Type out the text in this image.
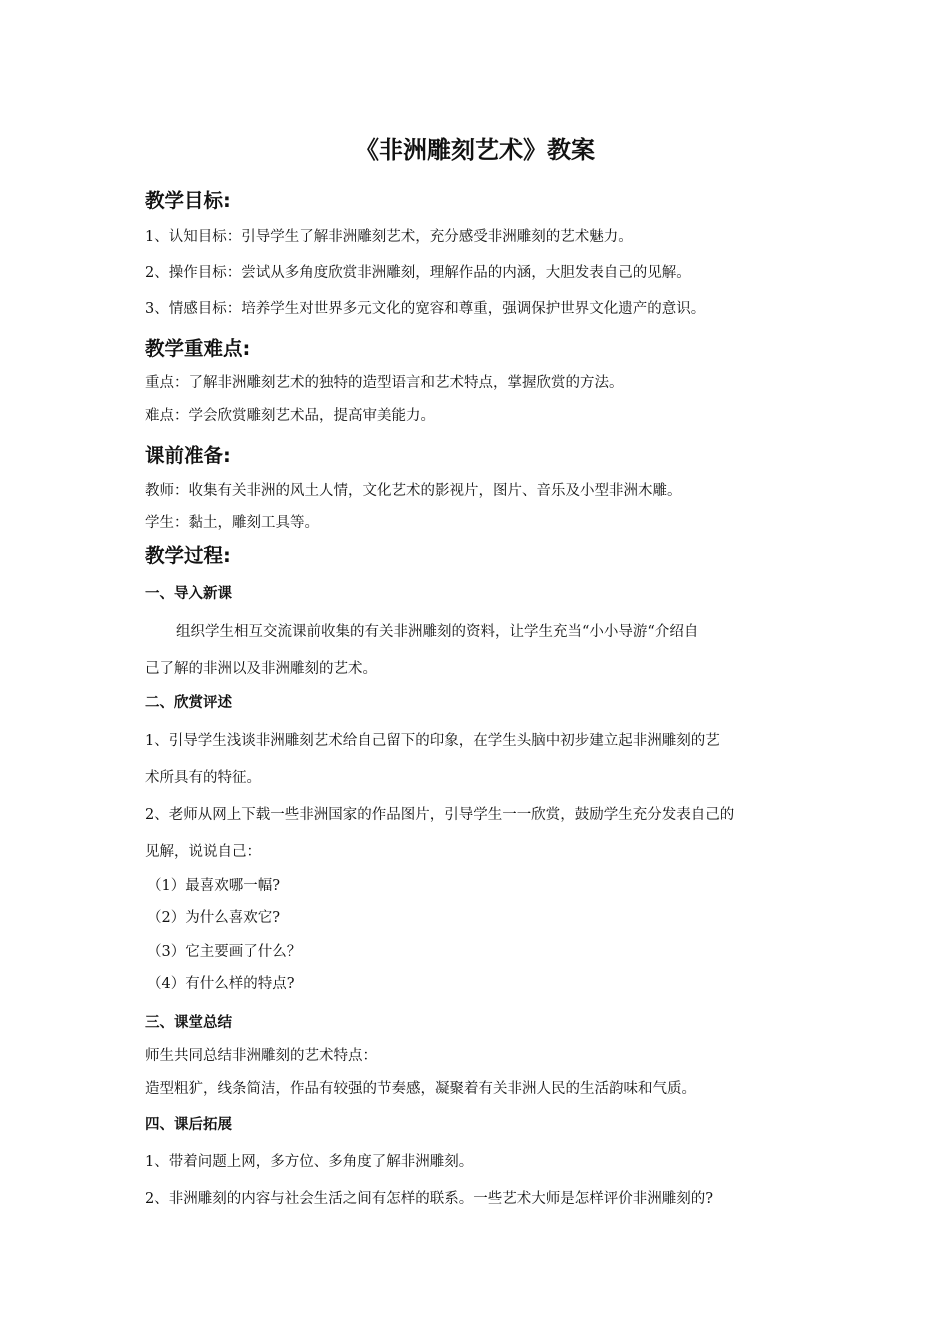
《非洲雕刻艺术》教案
教学目标:
1、认知目标：引导学生了解非洲雕刻艺术，充分感受非洲雕刻的艺术魅力。
2、操作目标：尝试从多角度欣赏非洲雕刻，理解作品的内涵，大胆发表自己的见解。
3、情感目标：培养学生对世界多元文化的宽容和尊重，强调保护世界文化遗产的意识。
教学重难点:
重点：了解非洲雕刻艺术的独特的造型语言和艺术特点，掌握欣赏的方法。
难点：学会欣赏雕刻艺术品，提高审美能力。
课前准备:
教师：收集有关非洲的风土人情，文化艺术的影视片，图片、音乐及小型非洲木雕。
学生：黏土，雕刻工具等。
教学过程:
一、导入新课
组织学生相互交流课前收集的有关非洲雕刻的资料，让学生充当“小小导游“介绍自
己了解的非洲以及非洲雕刻的艺术。
二、欣赏评述
1、引导学生浅谈非洲雕刻艺术给自己留下的印象，在学生头脑中初步建立起非洲雕刻的艺
术所具有的特征。
2、老师从网上下载一些非洲国家的作品图片，引导学生一一欣赏，鼓励学生充分发表自己的
见解，说说自己：
（1）最喜欢哪一幅?
（2）为什么喜欢它?
（3）它主要画了什么？
（4）有什么样的特点?
三、课堂总结
师生共同总结非洲雕刻的艺术特点：
造型粗犷，线条简洁，作品有较强的节奏感，凝聚着有关非洲人民的生活韵味和气质。
四、课后拓展
1、带着问题上网，多方位、多角度了解非洲雕刻。
2、非洲雕刻的内容与社会生活之间有怎样的联系。一些艺术大师是怎样评价非洲雕刻的?
